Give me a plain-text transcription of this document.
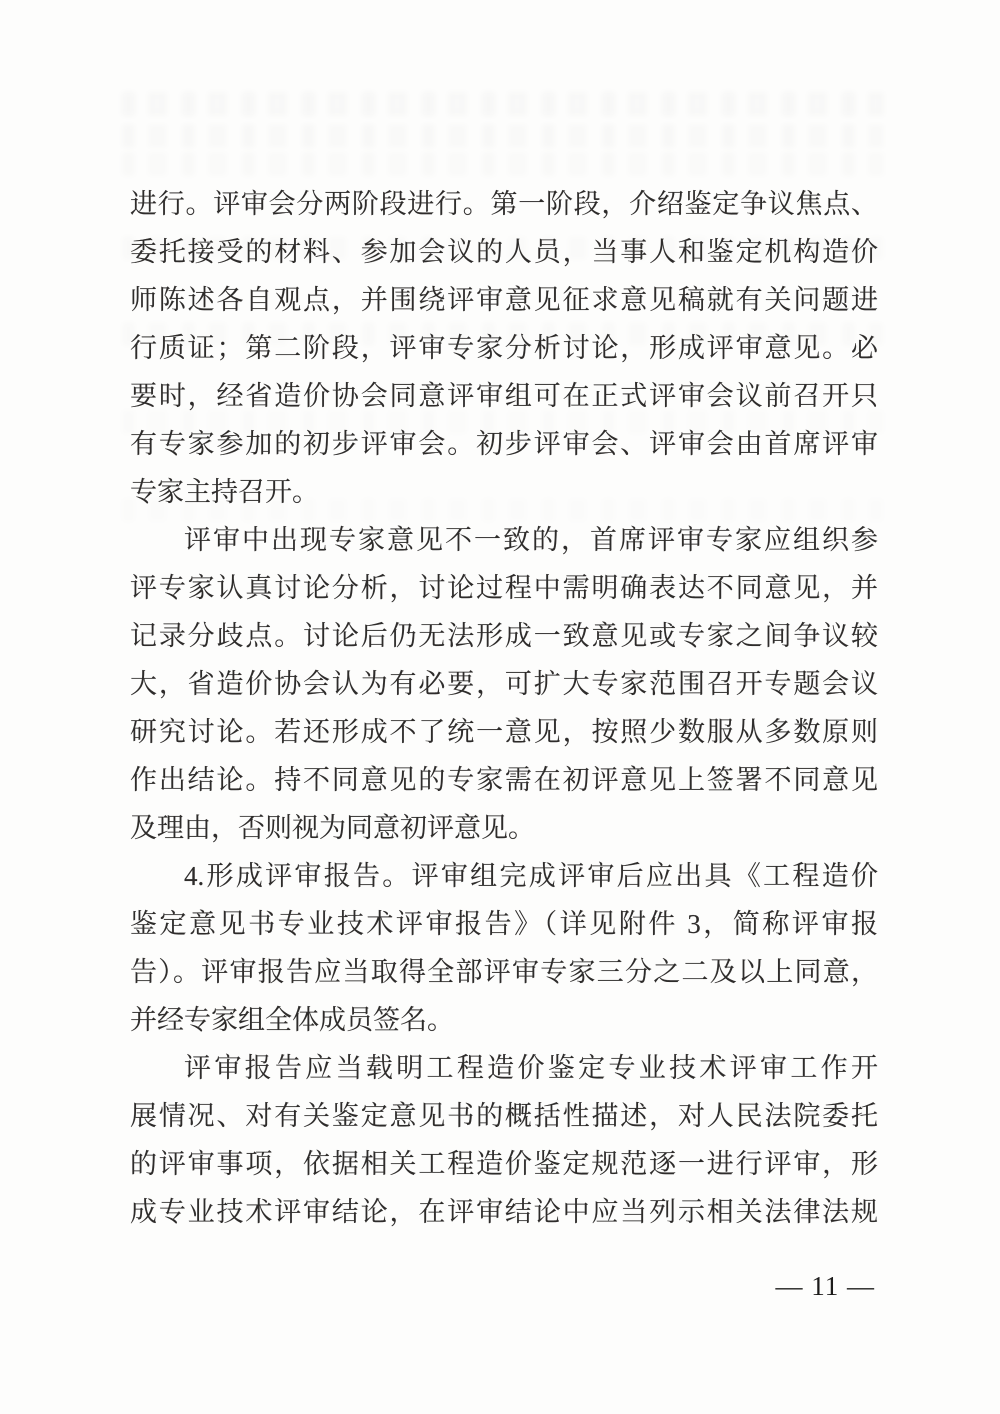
进行。评审会分两阶段进行。第一阶段，介绍鉴定争议焦点、
委托接受的材料、参加会议的人员，当事人和鉴定机构造价
师陈述各自观点，并围绕评审意见征求意见稿就有关问题进
行质证；第二阶段，评审专家分析讨论，形成评审意见。必
要时，经省造价协会同意评审组可在正式评审会议前召开只
有专家参加的初步评审会。初步评审会、评审会由首席评审
专家主持召开。
评审中出现专家意见不一致的，首席评审专家应组织参
评专家认真讨论分析，讨论过程中需明确表达不同意见，并
记录分歧点。讨论后仍无法形成一致意见或专家之间争议较
大，省造价协会认为有必要，可扩大专家范围召开专题会议
研究讨论。若还形成不了统一意见，按照少数服从多数原则
作出结论。持不同意见的专家需在初评意见上签署不同意见
及理由，否则视为同意初评意见。
4.形成评审报告。评审组完成评审后应出具《工程造价
鉴定意见书专业技术评审报告》（详见附件 3，简称评审报
告）。评审报告应当取得全部评审专家三分之二及以上同意，
并经专家组全体成员签名。
评审报告应当载明工程造价鉴定专业技术评审工作开
展情况、对有关鉴定意见书的概括性描述，对人民法院委托
的评审事项，依据相关工程造价鉴定规范逐一进行评审，形
成专业技术评审结论，在评审结论中应当列示相关法律法规
— 11 —
